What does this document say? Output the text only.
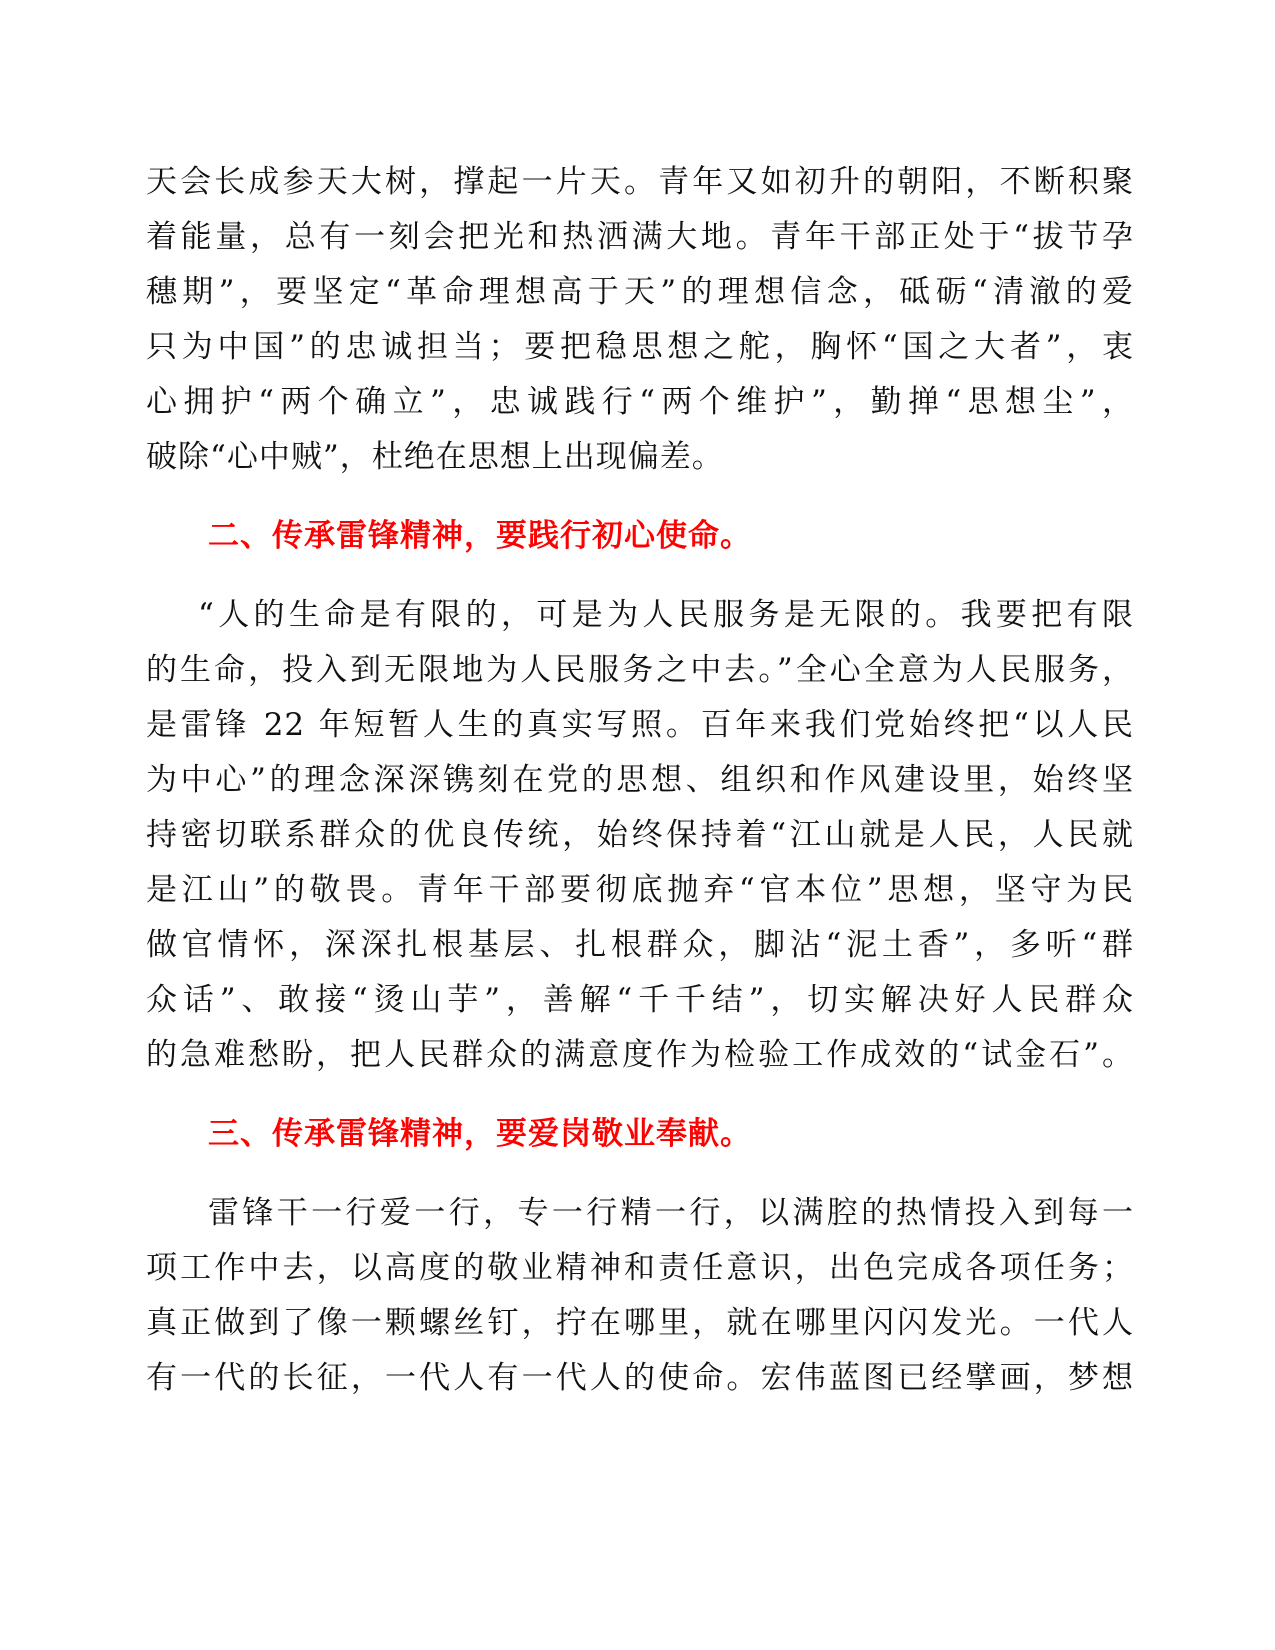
天会长成参天大树，撑起一片天。青年又如初升的朝阳，不断积聚
着能量，总有一刻会把光和热洒满大地。青年干部正处于“拔节孕
穗期”，要坚定“革命理想高于天”的理想信念，砥砺“清澈的爱
只为中国”的忠诚担当；要把稳思想之舵，胸怀“国之大者”，衷
心拥护“两个确立”，忠诚践行“两个维护”，勤掸“思想尘”，
破除“心中贼”，杜绝在思想上出现偏差。
二、传承雷锋精神，要践行初心使命。
“人的生命是有限的，可是为人民服务是无限的。我要把有限
的生命，投入到无限地为人民服务之中去。”全心全意为人民服务，
是雷锋 22 年短暂人生的真实写照。百年来我们党始终把“以人民
为中心”的理念深深镌刻在党的思想、组织和作风建设里，始终坚
持密切联系群众的优良传统，始终保持着“江山就是人民，人民就
是江山”的敬畏。青年干部要彻底抛弃“官本位”思想，坚守为民
做官情怀，深深扎根基层、扎根群众，脚沾“泥土香”，多听“群
众话”、敢接“烫山芋”，善解“千千结”，切实解决好人民群众
的急难愁盼，把人民群众的满意度作为检验工作成效的“试金石”。
三、传承雷锋精神，要爱岗敬业奉献。
雷锋干一行爱一行，专一行精一行，以满腔的热情投入到每一
项工作中去，以高度的敬业精神和责任意识，出色完成各项任务；
真正做到了像一颗螺丝钉，拧在哪里，就在哪里闪闪发光。一代人
有一代的长征，一代人有一代人的使命。宏伟蓝图已经擘画，梦想
